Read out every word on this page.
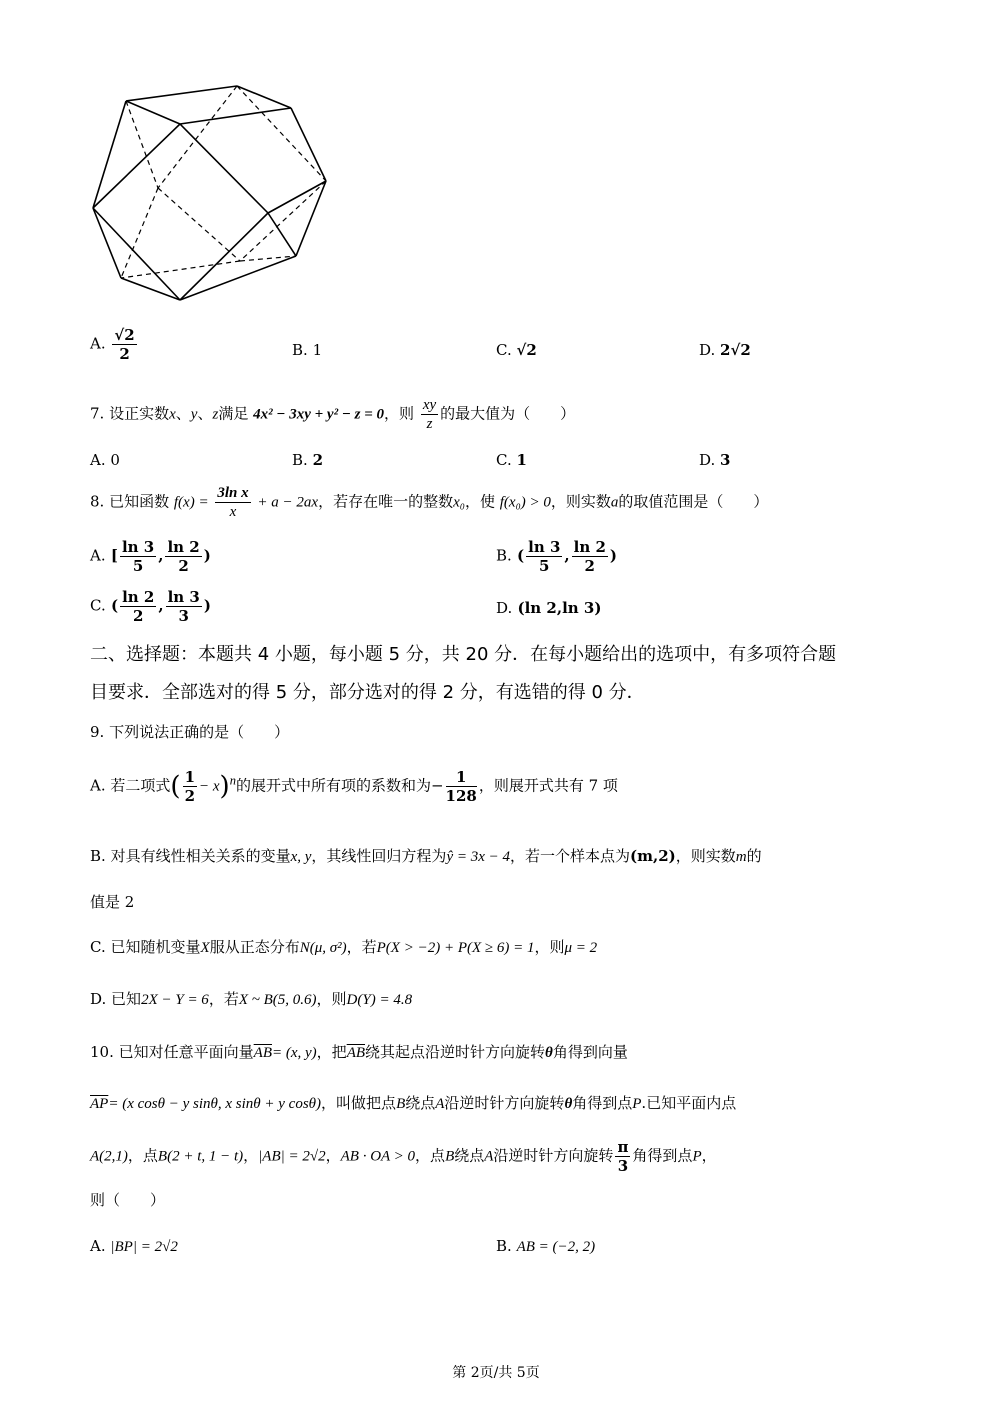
A. $\frac{√2}{2}$	B. 1	C. √2	D. 2√2
7. 设正实数x、y、z满足 4x² − 3xy + y² − z = 0，则 $\frac{xy}{z}$ 的最大值为（　　）
A. 0	B. 2	C. 1	D. 3
8. 已知函数 $f(x) = \frac{\text{3ln x}}{x} + a - 2ax$，若存在唯一的整数x₀，使 f(x₀) > 0，则实数a的取值范围是（　　）
A. [ $\frac{\ln 3}{5}$ , $\frac{\ln 2}{2}$ )	B. ( $\frac{\ln 3}{5}$ , $\frac{\ln 2}{2}$ )
C. ( $\frac{\ln 2}{2}$ , $\frac{\ln 3}{3}$ )	D. (ln 2,ln 3)
二、选择题：本题共 4 小题，每小题 5 分，共 20 分．在每小题给出的选项中，有多项符合题
目要求．全部选对的得 5 分，部分选对的得 2 分，有选错的得 0 分．
9. 下列说法正确的是（　　）
A. 若二项式( $\frac{1}{2} - x)^n$的展开式中所有项的系数和为− $\frac{1}{128}$ ，则展开式共有 7 项
B. 对具有线性相关关系的变量x, y，其线性回归方程为ŷ = 3x − 4，若一个样本点为(m,2)，则实数m的
值是 2
C. 已知随机变量X服从正态分布N(μ, σ²)，若P(X > −2) + P(X ≥ 6) = 1，则μ = 2
D. 已知2X − Y = 6，若X ~ B(5, 0.6)，则D(Y) = 4.8
10. 已知对任意平面向量$\overline{AB}= (x$, y)，把$\overline{AB}$绕其起点沿逆时针方向旋转θ角得到向量
$\overline{AP}= (x$ cosθ − y sinθ, x sinθ + y cosθ)，叫做把点B绕点A沿逆时针方向旋转θ角得到点P.已知平面内点
A(2,1)，点B(2 + t, 1 − t)，|AB| = 2√2，AB · OA > 0，点B绕点A沿逆时针方向旋转 $\frac{\pi}{3}$ 角得到点P，
则（　　）
A. |BP| = 2√2	B. AB = (−2, 2)
第 2页/共 5页
